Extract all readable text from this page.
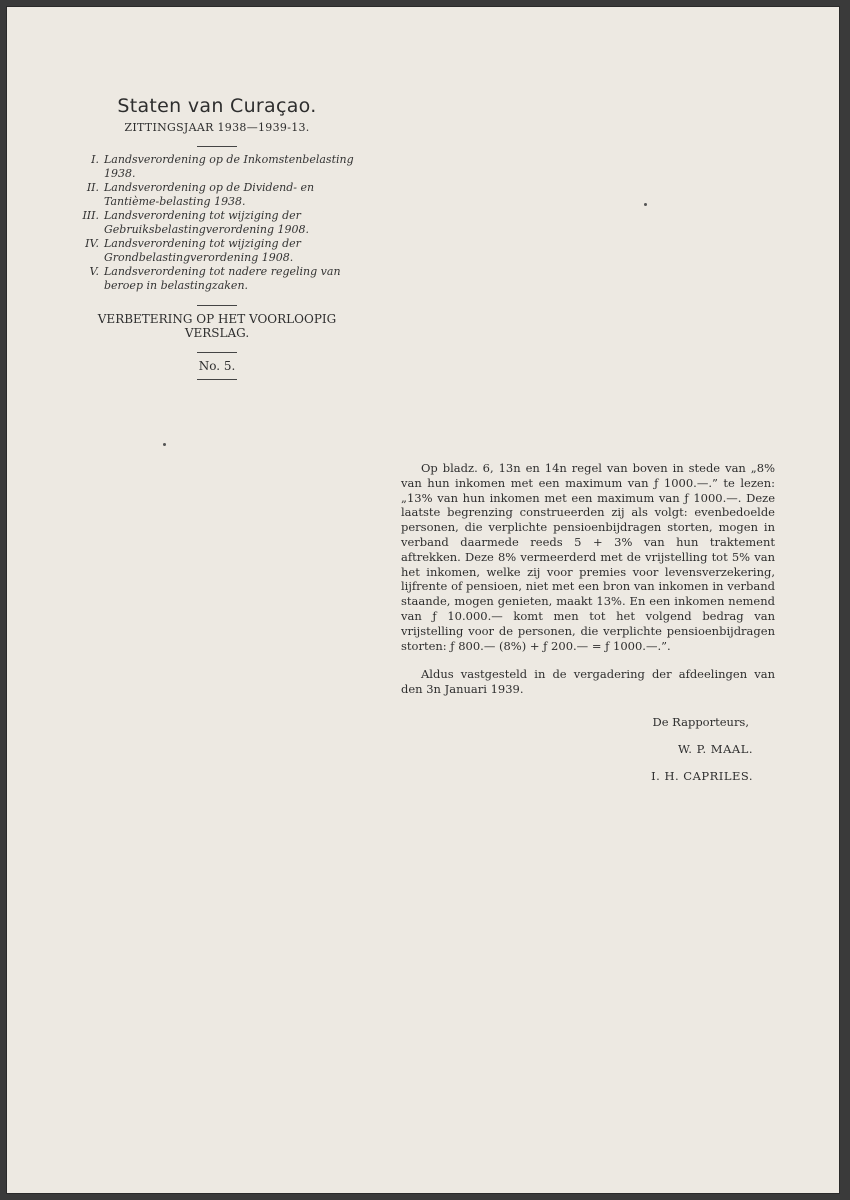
Staten van Curaçao.
ZITTINGSJAAR 1938—1939-13.
I. Landsverordening op de Inkomstenbelasting 1938.
II. Landsverordening op de Dividend- en Tantième-belasting 1938.
III. Landsverordening tot wijziging der Gebruiksbelastingverordening 1908.
IV. Landsverordening tot wijziging der Grondbelastingverordening 1908.
V. Landsverordening tot nadere regeling van beroep in belastingzaken.
VERBETERING OP HET VOORLOOPIG VERSLAG.
No. 5.

Op bladz. 6, 13n en 14n regel van boven in stede van „8% van hun inkomen met een maximum van ƒ 1000.—.” te lezen: „13% van hun inkomen met een maximum van ƒ 1000.—. Deze laatste begrenzing construeerden zij als volgt: evenbedoelde personen, die verplichte pensioenbijdragen storten, mogen in verband daarmede reeds 5 + 3% van hun traktement aftrekken. Deze 8% vermeerderd met de vrijstelling tot 5% van het inkomen, welke zij voor premies voor levensverzekering, lijfrente of pensioen, niet met een bron van inkomen in verband staande, mogen genieten, maakt 13%. En een inkomen nemend van ƒ 10.000.— komt men tot het volgend bedrag van vrijstelling voor de personen, die verplichte pensioenbijdragen storten: ƒ 800.— (8%) + ƒ 200.— = ƒ 1000.—.”.

Aldus vastgesteld in de vergadering der afdeelingen van den 3n Januari 1939.

De Rapporteurs,
W. P. MAAL.
I. H. CAPRILES.
